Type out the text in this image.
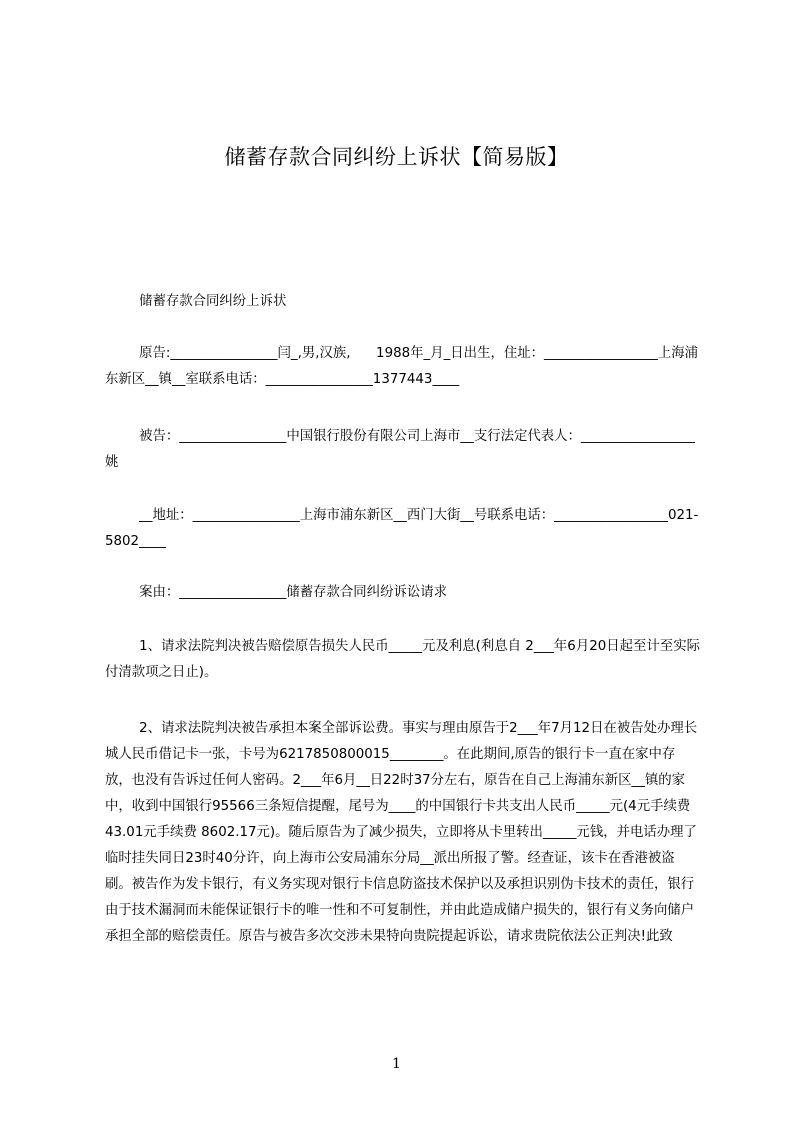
储蓄存款合同纠纷上诉状【简易版】
储蓄存款合同纠纷上诉状
原告:________________闫_,男,汉族,      1988年_月_日出生，住址：_________________上海浦东新区__镇__室联系电话：________________1377443____
被告：________________中国银行股份有限公司上海市__支行法定代表人：_________________姚
__地址：________________上海市浦东新区__西门大街__号联系电话：_________________021-5802____
案由：________________储蓄存款合同纠纷诉讼请求
1、请求法院判决被告赔偿原告损失人民币_____元及利息(利息自 2___年6月20日起至计至实际付清款项之日止)。
2、请求法院判决被告承担本案全部诉讼费。事实与理由原告于2___年7月12日在被告处办理长城人民币借记卡一张，卡号为6217850800015________。在此期间,原告的银行卡一直在家中存放，也没有告诉过任何人密码。2___年6月__日22时37分左右，原告在自己上海浦东新区__镇的家中，收到中国银行95566三条短信提醒，尾号为____的中国银行卡共支出人民币_____元(4元手续费 43.01元手续费 8602.17元)。随后原告为了减少损失，立即将从卡里转出_____元钱，并电话办理了临时挂失同日23时40分许，向上海市公安局浦东分局__派出所报了警。经查证，该卡在香港被盗刷。被告作为发卡银行，有义务实现对银行卡信息防盗技术保护以及承担识别伪卡技术的责任，银行由于技术漏洞而未能保证银行卡的唯一性和不可复制性，并由此造成储户损失的，银行有义务向储户承担全部的赔偿责任。原告与被告多次交涉未果特向贵院提起诉讼，请求贵院依法公正判决!此致
1
